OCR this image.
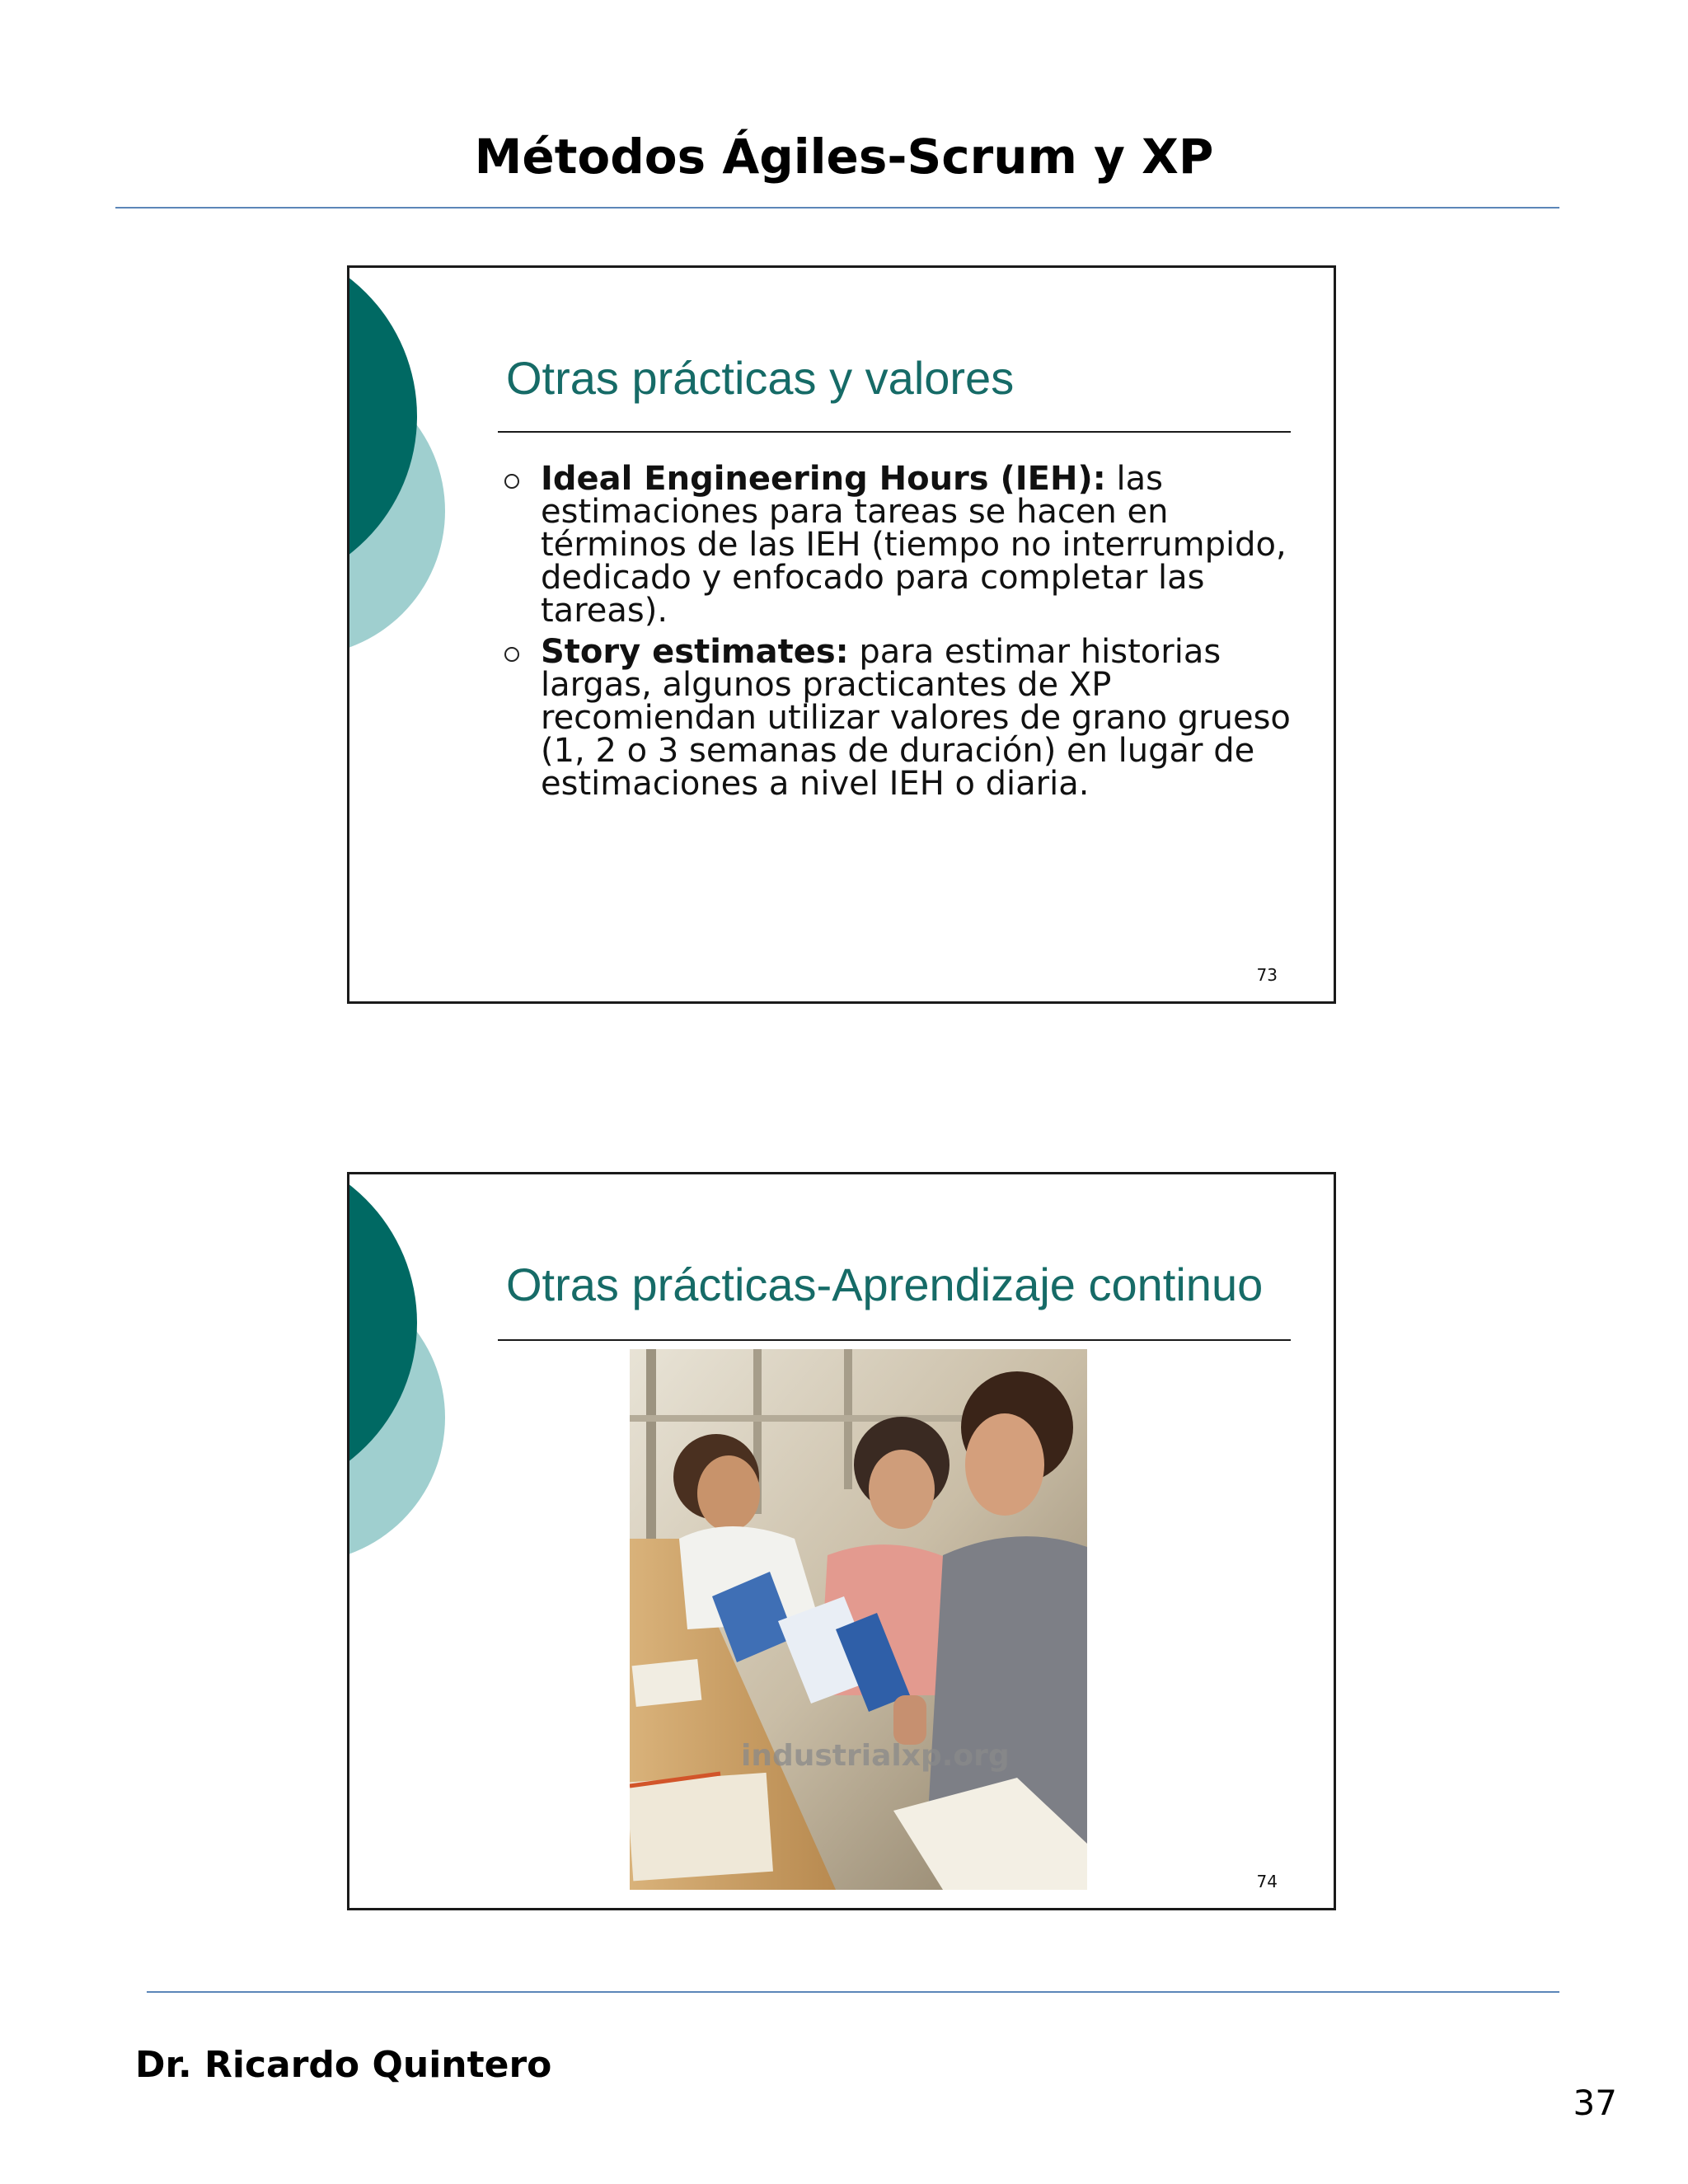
Métodos Ágiles-Scrum y XP
Otras prácticas y valores
Ideal Engineering Hours (IEH): las estimaciones para tareas se hacen en términos de las IEH (tiempo no interrumpido, dedicado y enfocado para completar las tareas).
Story estimates: para estimar historias largas, algunos practicantes de XP recomiendan utilizar valores de grano grueso (1, 2 o 3 semanas de duración) en lugar de estimaciones a nivel IEH o diaria.
73
Otras prácticas-Aprendizaje continuo
industrialxp.org
74
Dr. Ricardo Quintero
37
